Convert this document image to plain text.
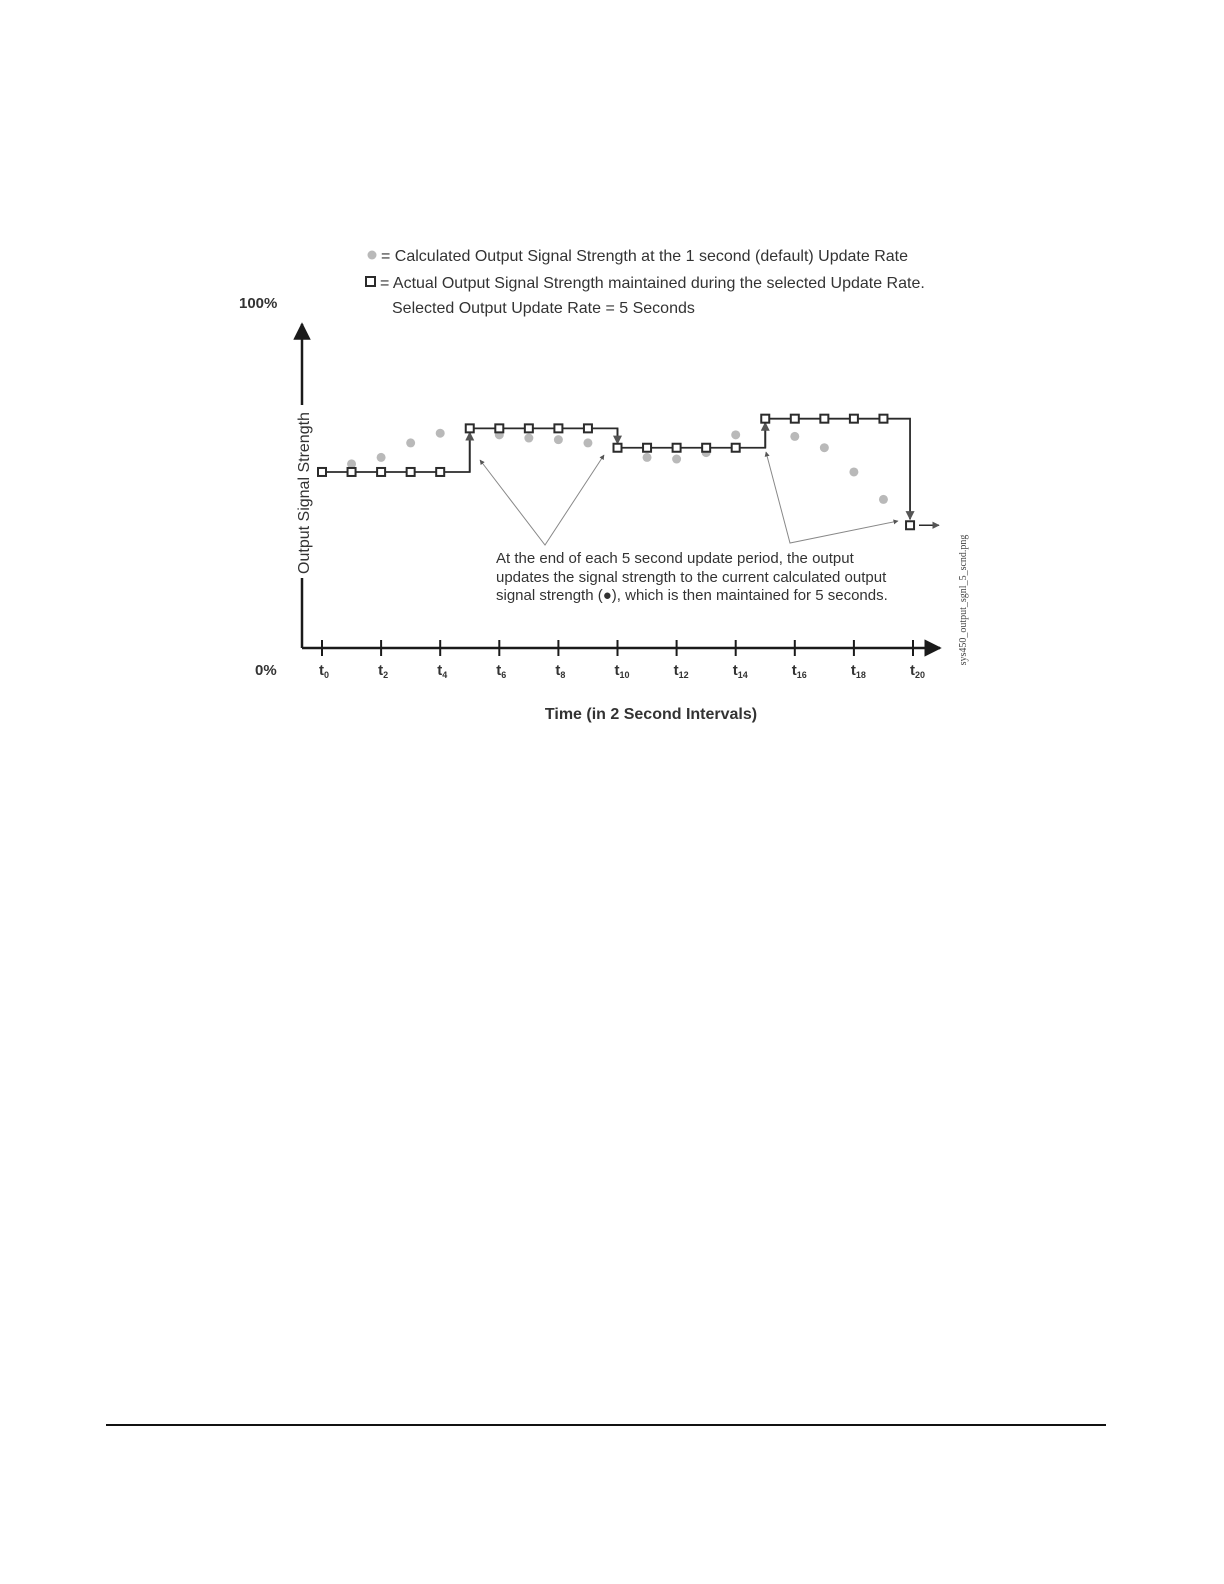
= Calculated Output Signal Strength at the 1 second (default) Update Rate
= Actual Output Signal Strength maintained during the selected Update Rate.
Selected Output Update Rate = 5 Seconds
100%
0%
Output Signal Strength
$t_0$	$t_2$	$t_4$	$t_6$	$t_8$	$t_{10}$	$t_{12}$	$t_{14}$	$t_{16}$	$t_{18}$	$t_{20}$
Time (in 2 Second Intervals)
At the end of each 5 second update period, the output
updates the signal strength to the current calculated output
signal strength (●), which is then maintained for 5 seconds.	sys450_output_sgnl_5_scnd.png
